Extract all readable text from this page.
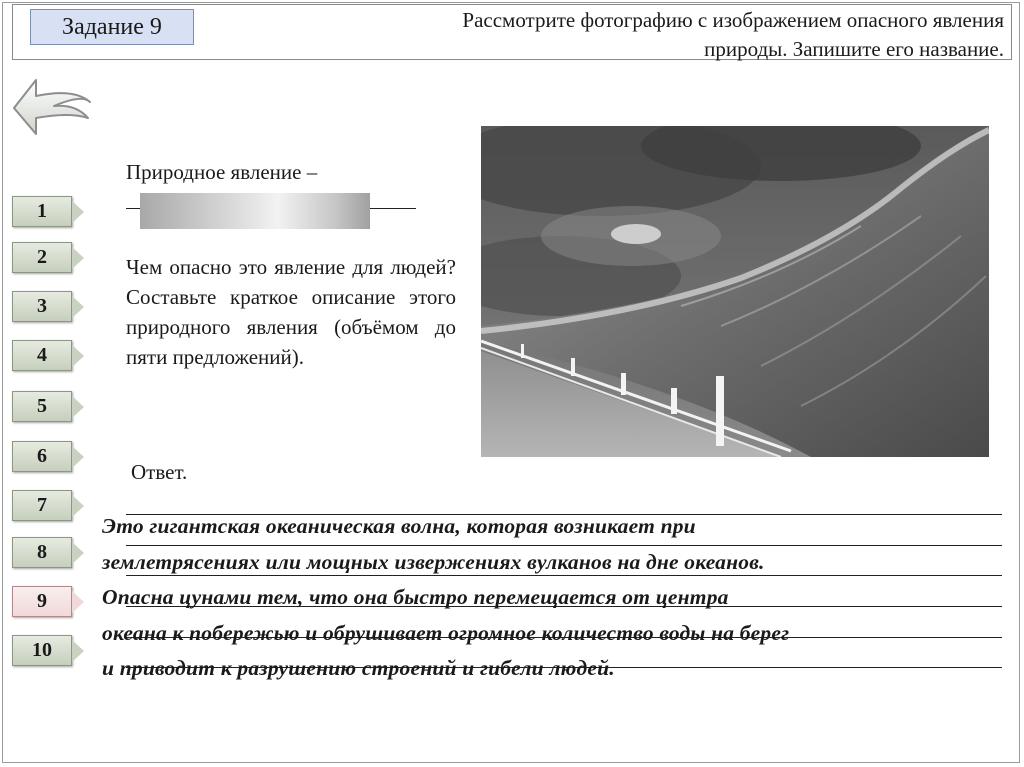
Задание 9	Рассмотрите фотографию с изображением опасного явления природы. Запишите его название.
1
2
3
4
5
6
7
8
9
10
Природное явление –
Чем опасно это явление для людей? Составьте краткое описание этого природного явления (объёмом до пяти предложений).
Ответ.
Это гигантская океаническая волна, которая возникает при
землетрясениях или мощных извержениях вулканов на дне океанов.
Опасна цунами тем, что она быстро перемещается от центра
океана к побережью и обрушивает огромное количество воды на берег
и приводит к разрушению строений и гибели людей.
